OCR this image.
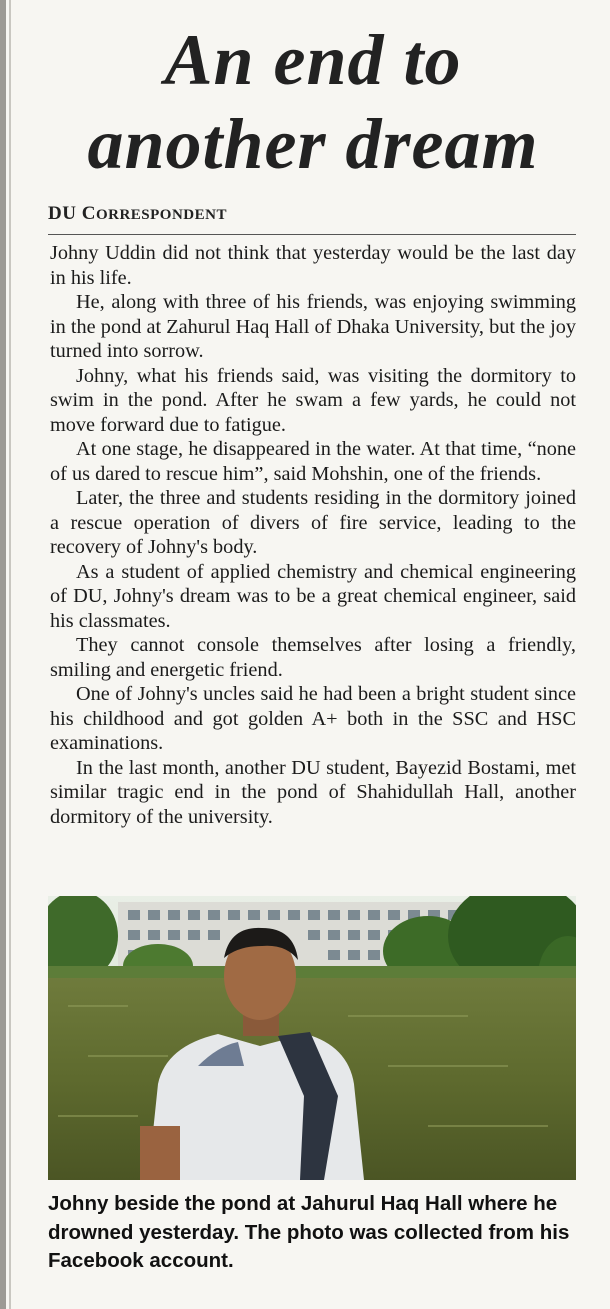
An end to
another dream
DU CORRESPONDENT

Johny Uddin did not think that yesterday would be the last day in his life.

He, along with three of his friends, was enjoying swimming in the pond at Zahurul Haq Hall of Dhaka University, but the joy turned into sorrow.

Johny, what his friends said, was visiting the dormitory to swim in the pond. After he swam a few yards, he could not move forward due to fatigue.

At one stage, he disappeared in the water. At that time, “none of us dared to rescue him”, said Mohshin, one of the friends.

Later, the three and students residing in the dormitory joined a rescue operation of divers of fire service, leading to the recovery of Johny's body.

As a student of applied chemistry and chemical engineering of DU, Johny's dream was to be a great chemical engineer, said his classmates.

They cannot console themselves after losing a friendly, smiling and energetic friend.

One of Johny's uncles said he had been a bright student since his childhood and got golden A+ both in the SSC and HSC examinations.

In the last month, another DU student, Bayezid Bostami, met similar tragic end in the pond of Shahidullah Hall, another dormitory of the university.

Johny beside the pond at Jahurul Haq Hall where he drowned yesterday. The photo was collected from his Facebook account.
